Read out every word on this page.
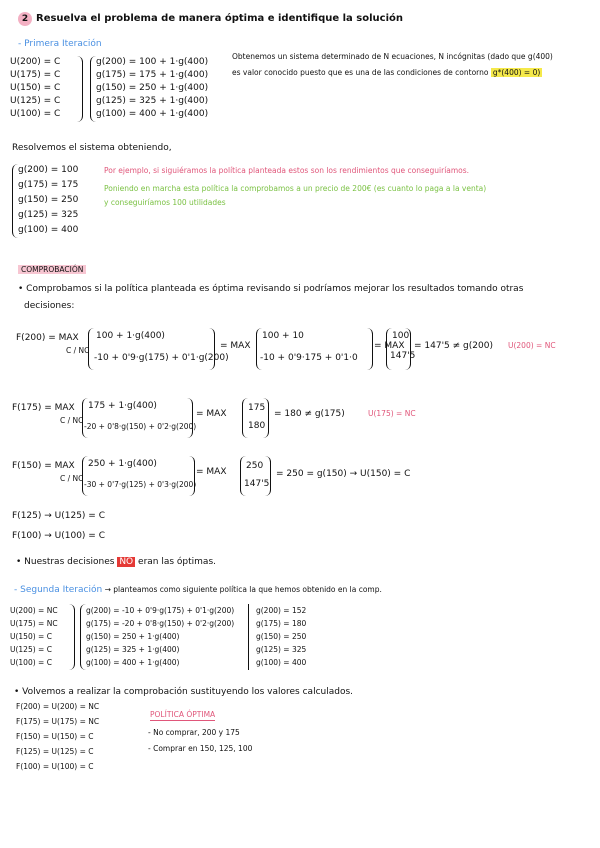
2 Resuelva el problema de manera óptima e identifique la solución
- Primera Iteración
U(200) = C
U(175) = C
U(150) = C
U(125) = C
U(100) = C
g(200) = 100 + 1·g(400)
g(175) = 175 + 1·g(400)
g(150) = 250 + 1·g(400)
g(125) = 325 + 1·g(400)
g(100) = 400 + 1·g(400)
Obtenemos un sistema determinado de N ecuaciones, N incógnitas (dado que g(400)
es valor conocido puesto que es una de las condiciones de contorno g*(400) = 0)
Resolvemos el sistema obteniendo,
g(200) = 100
g(175) = 175
g(150) = 250
g(125) = 325
g(100) = 400
Por ejemplo, si siguiéramos la política planteada estos son los rendimientos que conseguiríamos.
Poniendo en marcha esta política la comprobamos a un precio de 200€ (es cuanto lo paga a la venta)
y conseguiríamos 100 utilidades
COMPROBACIÓN
• Comprobamos si la política planteada es óptima revisando si podríamos mejorar los resultados tomando otras
decisiones:
F(200) = MAX
C / NC
100 + 1·g(400)
-10 + 0'9·g(175) + 0'1·g(200)
= MAX
100 + 10
-10 + 0'9·175 + 0'1·0
= MAX
100
147'5
= 147'5 ≠ g(200) U(200) = NC
F(175) = MAX
C / NC
175 + 1·g(400)
-20 + 0'8·g(150) + 0'2·g(200)
= MAX
175
180
= 180 ≠ g(175)	U(175) = NC
F(150) = MAX
C / NC
250 + 1·g(400)
-30 + 0'7·g(125) + 0'3·g(200)
= MAX
250
147'5
= 250 = g(150) → U(150) = C
F(125) → U(125) = C
F(100) → U(100) = C
• Nuestras decisiones NO eran las óptimas.
- Segunda Iteración → planteamos como siguiente política la que hemos obtenido en la comp.
U(200) = NC
U(175) = NC
U(150) = C
U(125) = C
U(100) = C
g(200) = -10 + 0'9·g(175) + 0'1·g(200)
g(175) = -20 + 0'8·g(150) + 0'2·g(200)
g(150) = 250 + 1·g(400)
g(125) = 325 + 1·g(400)
g(100) = 400 + 1·g(400)
g(200) = 152
g(175) = 180
g(150) = 250
g(125) = 325
g(100) = 400
• Volvemos a realizar la comprobación sustituyendo los valores calculados.
F(200) = U(200) = NC
F(175) = U(175) = NC
F(150) = U(150) = C
F(125) = U(125) = C
F(100) = U(100) = C
POLÍTICA ÓPTIMA
- No comprar, 200 y 175
- Comprar en 150, 125, 100
